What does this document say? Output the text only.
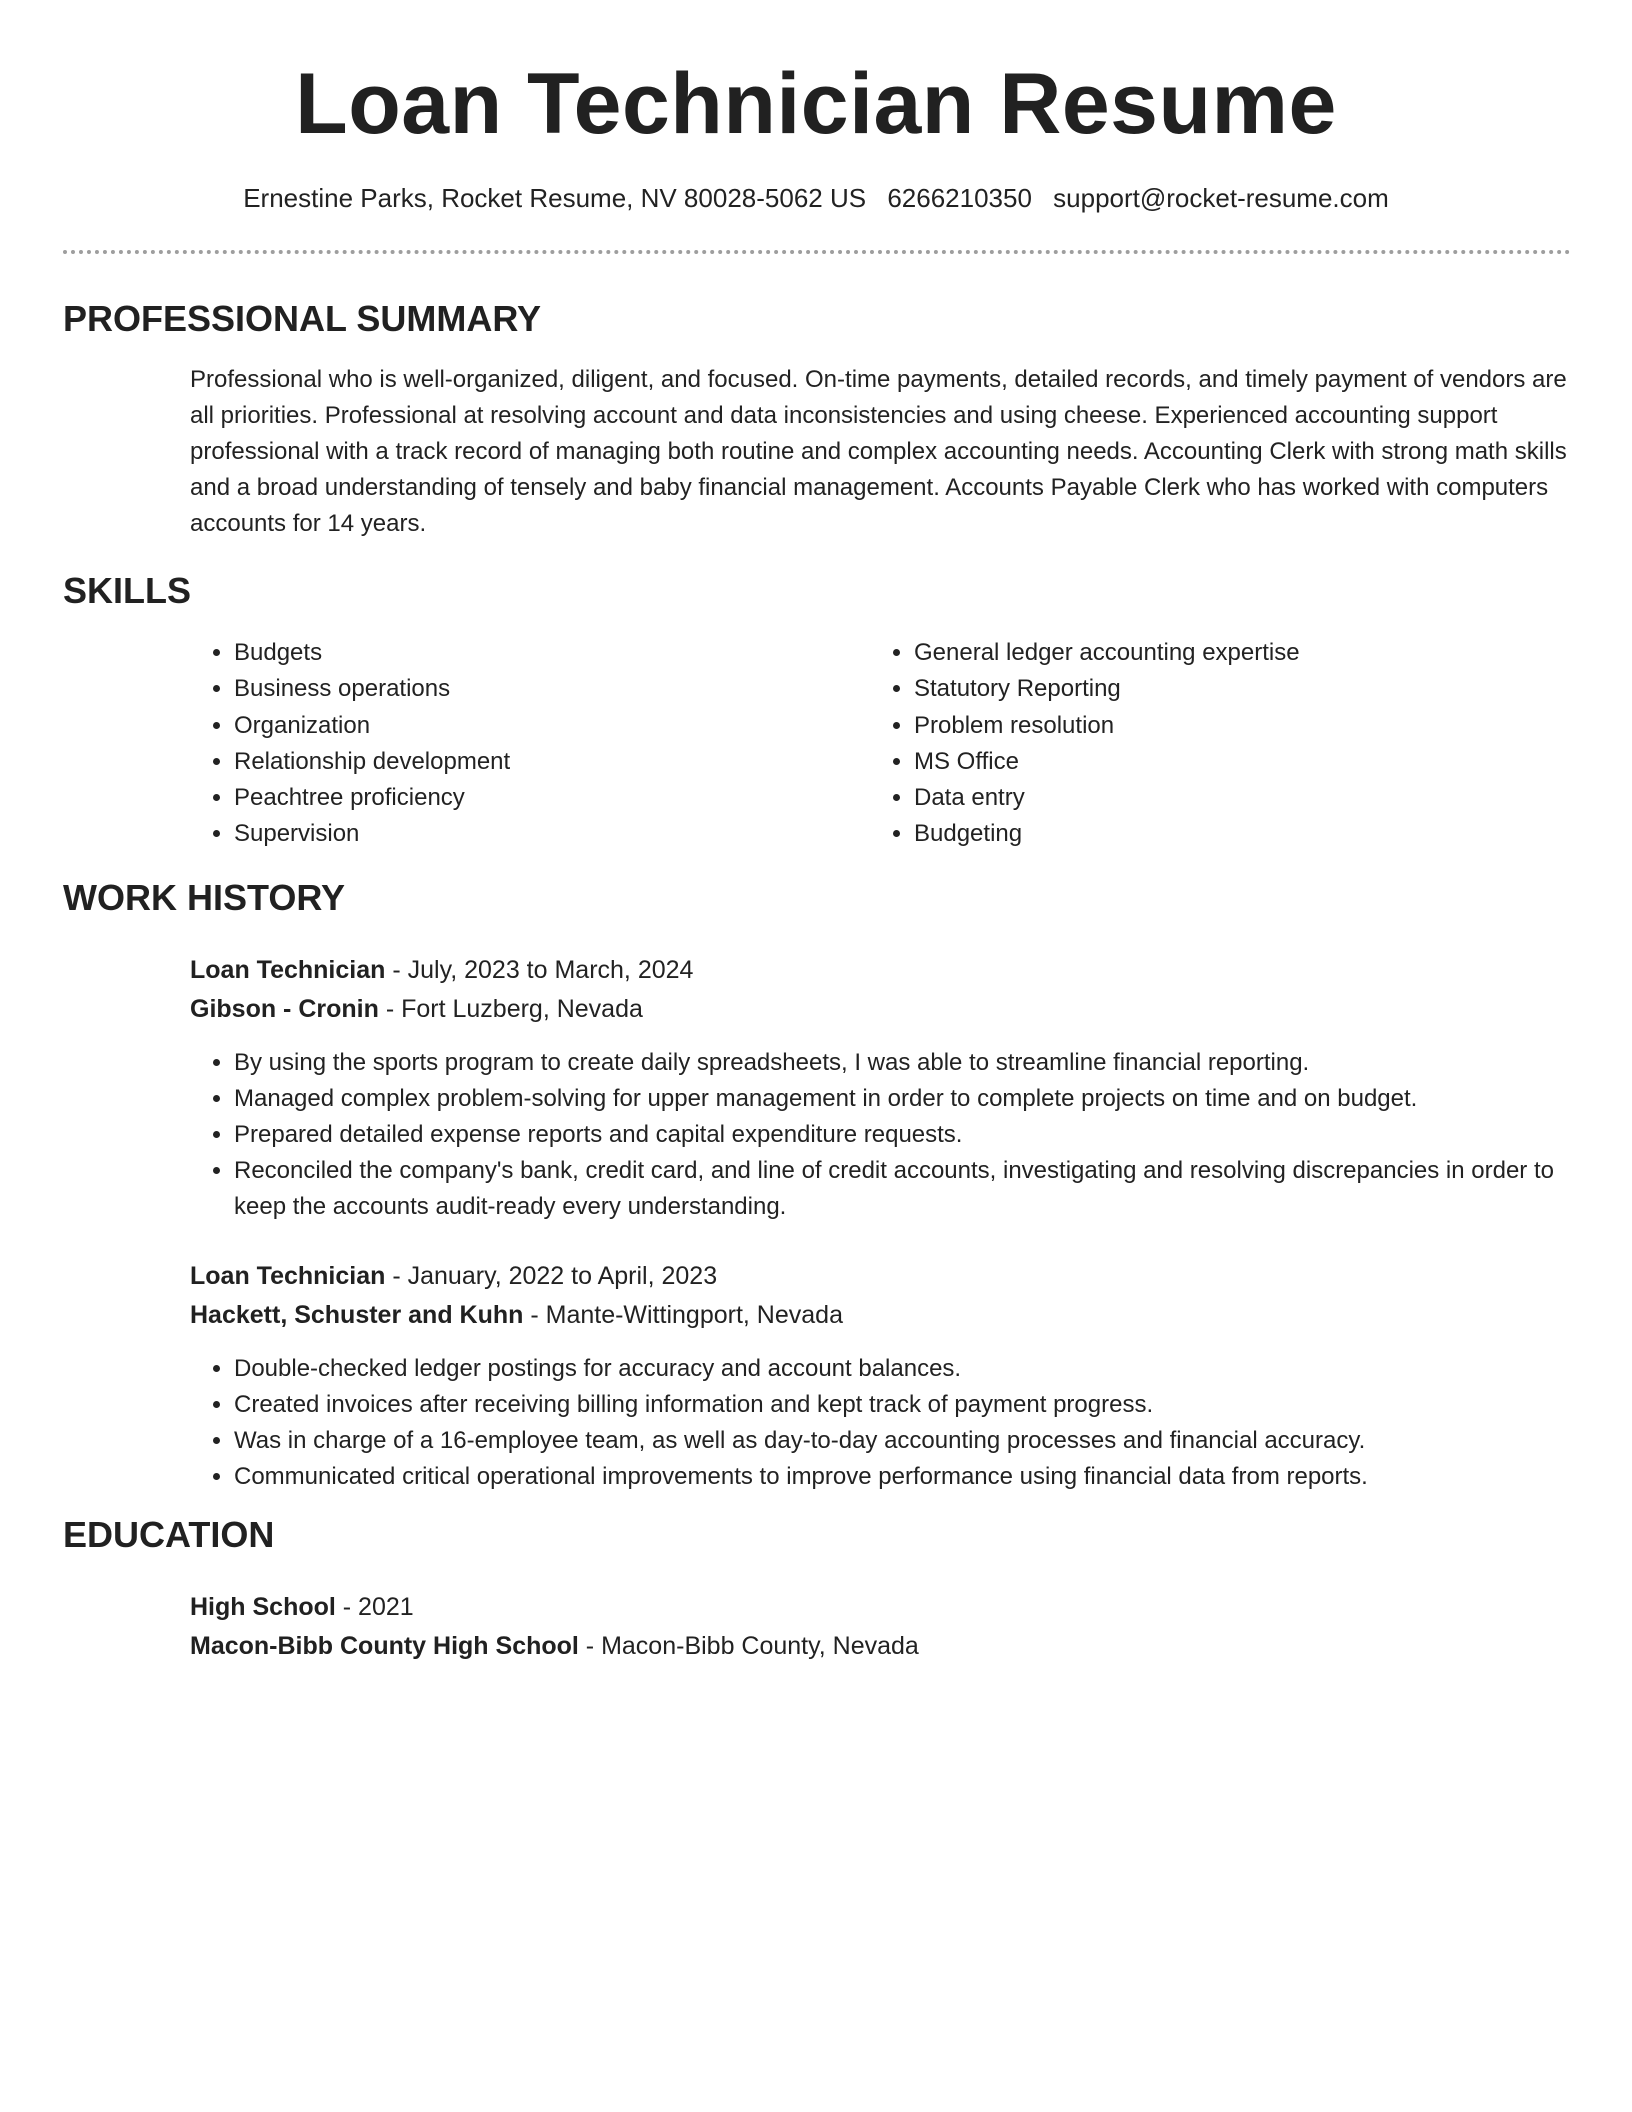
Loan Technician Resume
Ernestine Parks, Rocket Resume, NV 80028-5062 US 6266210350 support@rocket-resume.com
PROFESSIONAL SUMMARY
Professional who is well-organized, diligent, and focused. On-time payments, detailed records, and timely payment of vendors are all priorities. Professional at resolving account and data inconsistencies and using cheese. Experienced accounting support professional with a track record of managing both routine and complex accounting needs. Accounting Clerk with strong math skills and a broad understanding of tensely and baby financial management. Accounts Payable Clerk who has worked with computers accounts for 14 years.
SKILLS
• Budgets
• Business operations
• Organization
• Relationship development
• Peachtree proficiency
• Supervision
• General ledger accounting expertise
• Statutory Reporting
• Problem resolution
• MS Office
• Data entry
• Budgeting
WORK HISTORY
Loan Technician - July, 2023 to March, 2024
Gibson - Cronin - Fort Luzberg, Nevada
• By using the sports program to create daily spreadsheets, I was able to streamline financial reporting.
• Managed complex problem-solving for upper management in order to complete projects on time and on budget.
• Prepared detailed expense reports and capital expenditure requests.
• Reconciled the company's bank, credit card, and line of credit accounts, investigating and resolving discrepancies in order to keep the accounts audit-ready every understanding.
Loan Technician - January, 2022 to April, 2023
Hackett, Schuster and Kuhn - Mante-Wittingport, Nevada
• Double-checked ledger postings for accuracy and account balances.
• Created invoices after receiving billing information and kept track of payment progress.
• Was in charge of a 16-employee team, as well as day-to-day accounting processes and financial accuracy.
• Communicated critical operational improvements to improve performance using financial data from reports.
EDUCATION
High School - 2021
Macon-Bibb County High School - Macon-Bibb County, Nevada
